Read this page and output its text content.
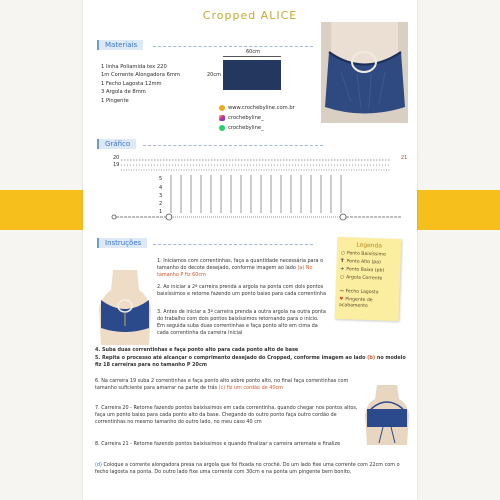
Cropped ALICE
Materiais
1 linha Poliamida tex 220
1m Corrente Alongadora 6mm
1 Fecho Lagosta 12mm
3 Argola de 8mm
1 Pingente
60cm
20cm
www.crochebyline.com.br
crochebyline_
crochebyline_
Gráfico
20
19
21
5
4
3
2
1
Instruções
1. Iniciamos com correntinhas, faça a quantidade necessária para o tamanho do decote desejado, conforme imagem ao lado (a) No tamanho P fiz 60cm
2. Ao iniciar a 2ª carreira prenda a argola na ponta com dois pontos baixíssimos e retorne fazendo um ponto baixo para cada correntinha
3. Antes de iniciar a 3ª carreira prenda a outra argola na outra ponta do trabalho com dois pontos baixíssimos retornando para o início. Em seguida suba duas correntinhas e faça ponto alto em cima da cada correntinha da carreira inicial
Legenda
○ Ponto Baixíssimo
T Ponto Alto (pa)
+ Ponto Baixo (pb)
○ Argola Corrente
—Fecho Lagosta
♥ Pingente de acabamento
4. Suba duas correntinhas e faça ponto alto para cada ponto alto de base
5. Repita o processo até alcançar o comprimento desejado do Cropped, conforme imagem ao lado (b) no modelo fiz 18 carreiras para no tamanho P 20cm
6. Na carreira 19 suba 2 correntinhas e faça ponto alto sobre ponto alto, no final faça correntinhas com tamanho suficiente para amarrar na parte de trás (c) fiz um cordão de 40cm
7. Carreira 20 - Retorne fazendo pontos baixíssimos em cada correntinha, quando chegar nos pontos altos, faça um ponto baixo para cada ponto alto da base. Chegando do outro ponto faça outro cordão de correntinhas no mesmo tamanho do outro lado, no meu caso 40 cm
8. Carreira 21 - Retorne fazendo pontos baixíssimos e quando finalizar a carreira arremate e finalize
(d) Coloque a corrente alongadora presa na argola que foi fixada no crochê. Do um lado fixe uma corrente com 22cm com o fecho lagosta na ponta. Do outro lado fixe uma corrente com 30cm e na ponta um pingente bem bonito,
